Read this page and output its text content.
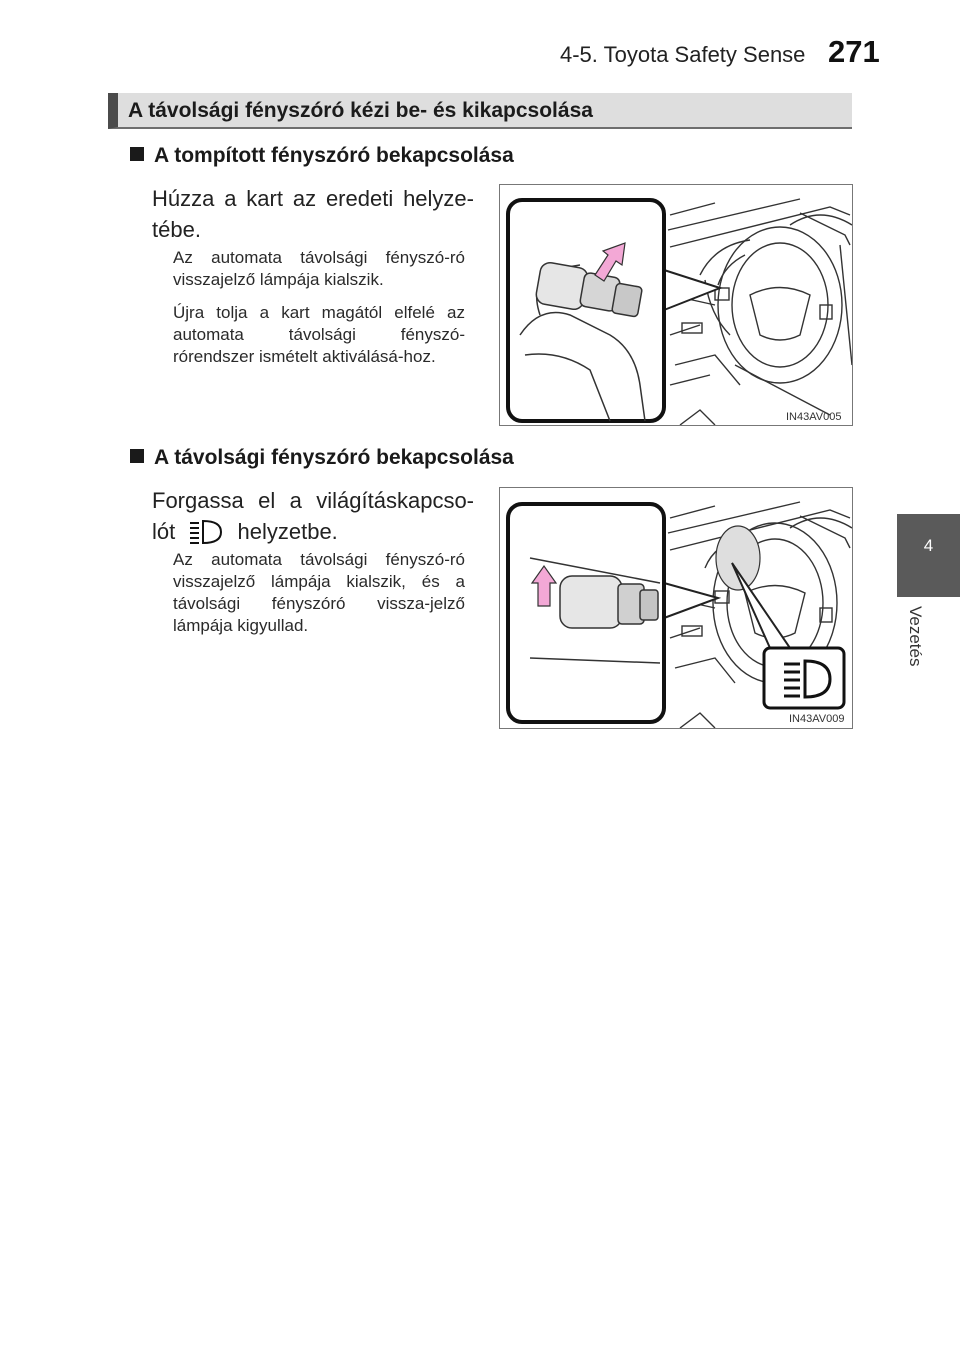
4-5. Toyota Safety Sense 271
4
Vezetés
A távolsági fényszóró kézi be- és kikapcsolása
A tompított fényszóró bekapcsolása
Húzza a kart az eredeti helyze-
tébe.
Az automata távolsági fényszó-ró visszajelző lámpája kialszik.
Újra tolja a kart magától elfelé az automata távolsági fényszó-rórendszer ismételt aktiválásá-hoz.
IN43AV005
A távolsági fényszóró bekapcsolása
Forgassa el a világításkapcso-
lót	helyzetbe.
Az automata távolsági fényszó-ró visszajelző lámpája kialszik, és a távolsági fényszóró vissza-jelző lámpája kigyullad.
IN43AV009
